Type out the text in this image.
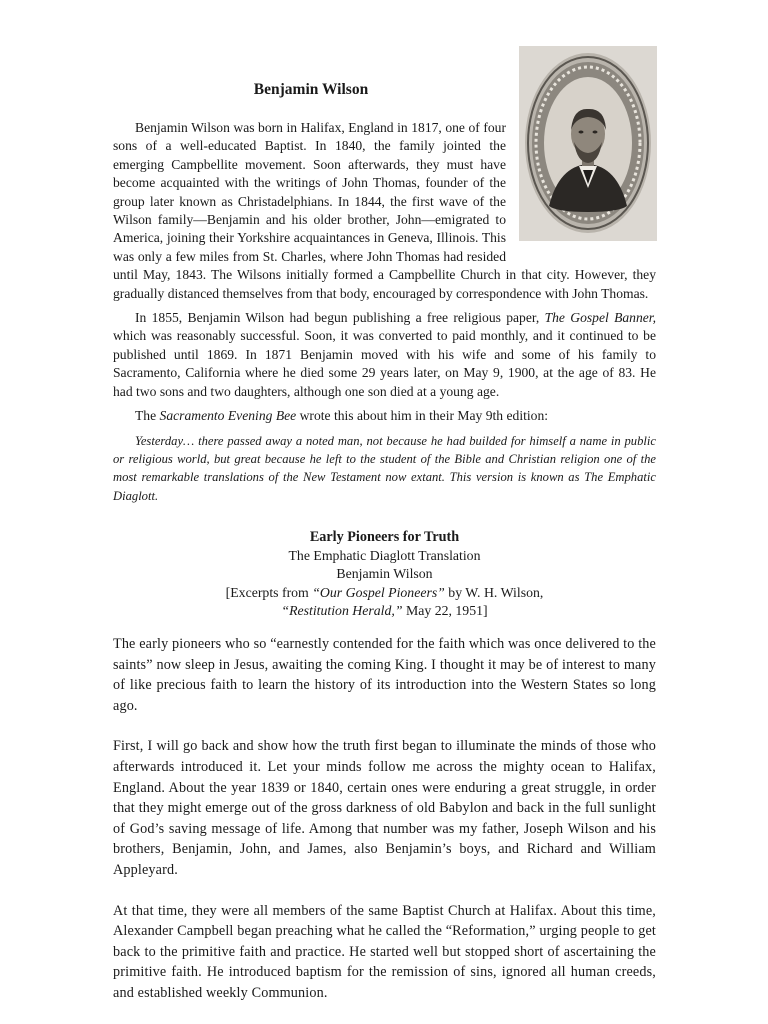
Benjamin Wilson

Benjamin Wilson was born in Halifax, England in 1817, one of four sons of a well-educated Baptist. In 1840, the family jointed the emerging Campbellite movement. Soon afterwards, they must have become acquainted with the writings of John Thomas, founder of the group later known as Christadelphians. In 1844, the first wave of the Wilson family—Benjamin and his older brother, John—emigrated to America, joining their Yorkshire acquaintances in Geneva, Illinois. This was only a few miles from St. Charles, where John Thomas had resided until May, 1843. The Wilsons initially formed a Campbellite Church in that city. However, they gradually distanced themselves from that body, encouraged by correspondence with John Thomas.

In 1855, Benjamin Wilson had begun publishing a free religious paper, The Gospel Banner, which was reasonably successful. Soon, it was converted to paid monthly, and it continued to be published until 1869. In 1871 Benjamin moved with his wife and some of his family to Sacramento, California where he died some 29 years later, on May 9, 1900, at the age of 83. He had two sons and two daughters, although one son died at a young age.

The Sacramento Evening Bee wrote this about him in their May 9th edition:

Yesterday… there passed away a noted man, not because he had builded for himself a name in public or religious world, but great because he left to the student of the Bible and Christian religion one of the most remarkable translations of the New Testament now extant. This version is known as The Emphatic Diaglott.

Early Pioneers for Truth
The Emphatic Diaglott Translation
Benjamin Wilson
[Excerpts from “Our Gospel Pioneers” by W. H. Wilson,
“Restitution Herald,” May 22, 1951]

The early pioneers who so “earnestly contended for the faith which was once delivered to the saints” now sleep in Jesus, awaiting the coming King. I thought it may be of interest to many of like precious faith to learn the history of its introduction into the Western States so long ago.

First, I will go back and show how the truth first began to illuminate the minds of those who afterwards introduced it. Let your minds follow me across the mighty ocean to Halifax, England. About the year 1839 or 1840, certain ones were enduring a great struggle, in order that they might emerge out of the gross darkness of old Babylon and back in the full sunlight of God’s saving message of life. Among that number was my father, Joseph Wilson and his brothers, Benjamin, John, and James, also Benjamin’s boys, and Richard and William Appleyard.

At that time, they were all members of the same Baptist Church at Halifax. About this time, Alexander Campbell began preaching what he called the “Reformation,” urging people to get back to the primitive faith and practice. He started well but stopped short of ascertaining the primitive faith. He introduced baptism for the remission of sins, ignored all human creeds, and established weekly Communion.
